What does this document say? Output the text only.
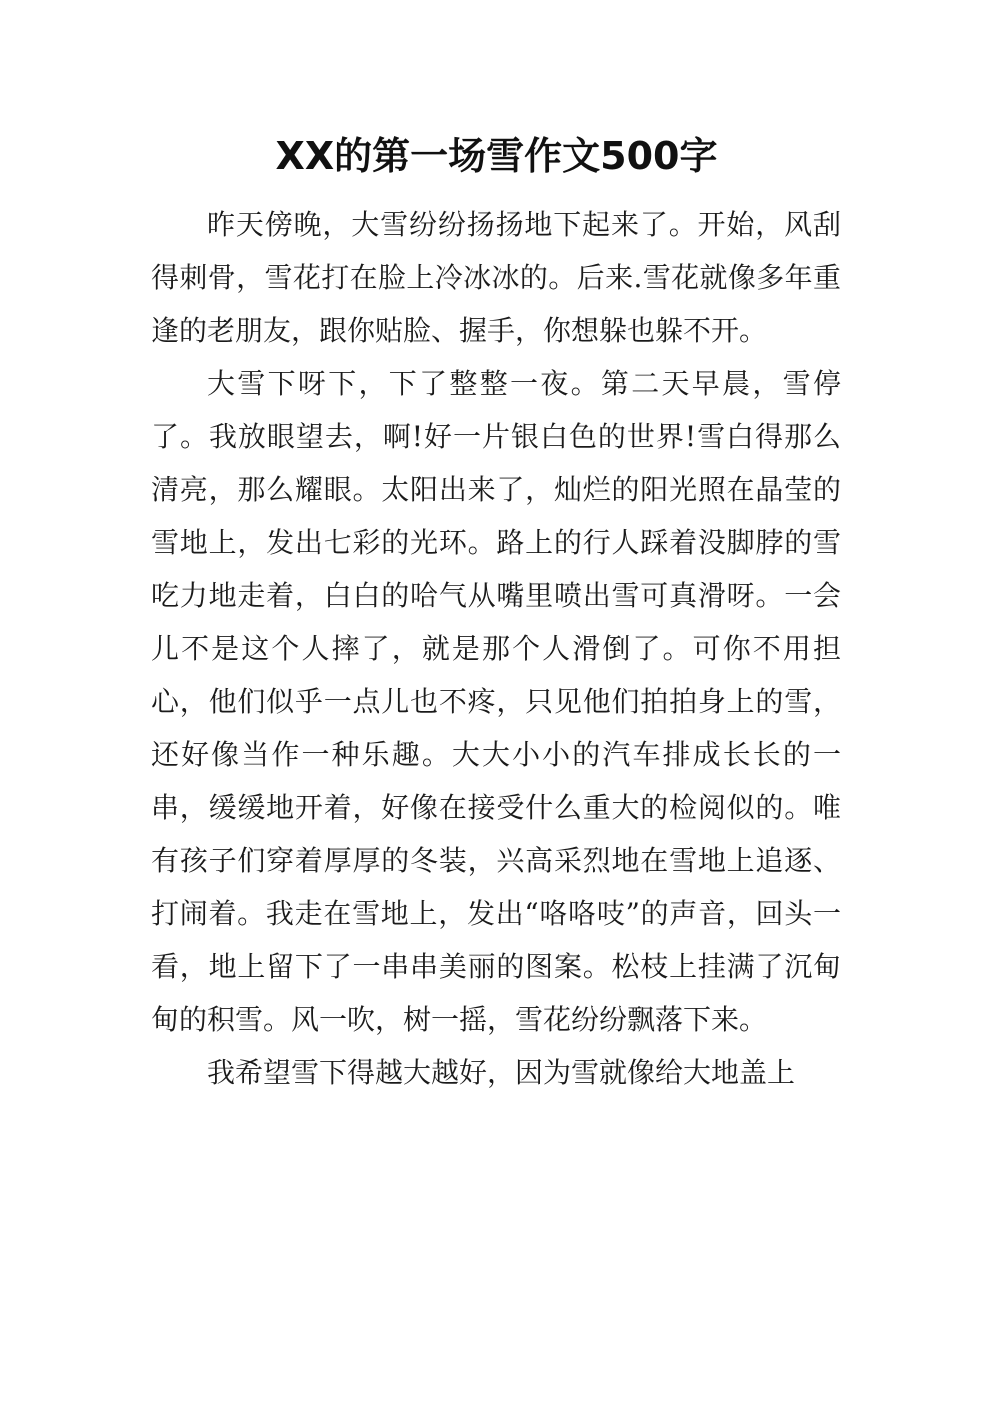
XX的第一场雪作文500字

昨天傍晚，大雪纷纷扬扬地下起来了。开始，风刮得刺骨，雪花打在脸上冷冰冰的。后来.雪花就像多年重逢的老朋友，跟你贴脸、握手，你想躲也躲不开。

大雪下呀下，下了整整一夜。第二天早晨，雪停了。我放眼望去，啊!好一片银白色的世界!雪白得那么清亮，那么耀眼。太阳出来了，灿烂的阳光照在晶莹的雪地上，发出七彩的光环。路上的行人踩着没脚脖的雪吃力地走着，白白的哈气从嘴里喷出雪可真滑呀。一会儿不是这个人摔了，就是那个人滑倒了。可你不用担心，他们似乎一点儿也不疼，只见他们拍拍身上的雪，还好像当作一种乐趣。大大小小的汽车排成长长的一串，缓缓地开着，好像在接受什么重大的检阅似的。唯有孩子们穿着厚厚的冬装，兴高采烈地在雪地上追逐、打闹着。我走在雪地上，发出“咯咯吱”的声音，回头一看，地上留下了一串串美丽的图案。松枝上挂满了沉甸甸的积雪。风一吹，树一摇，雪花纷纷飘落下来。

我希望雪下得越大越好，因为雪就像给大地盖上
